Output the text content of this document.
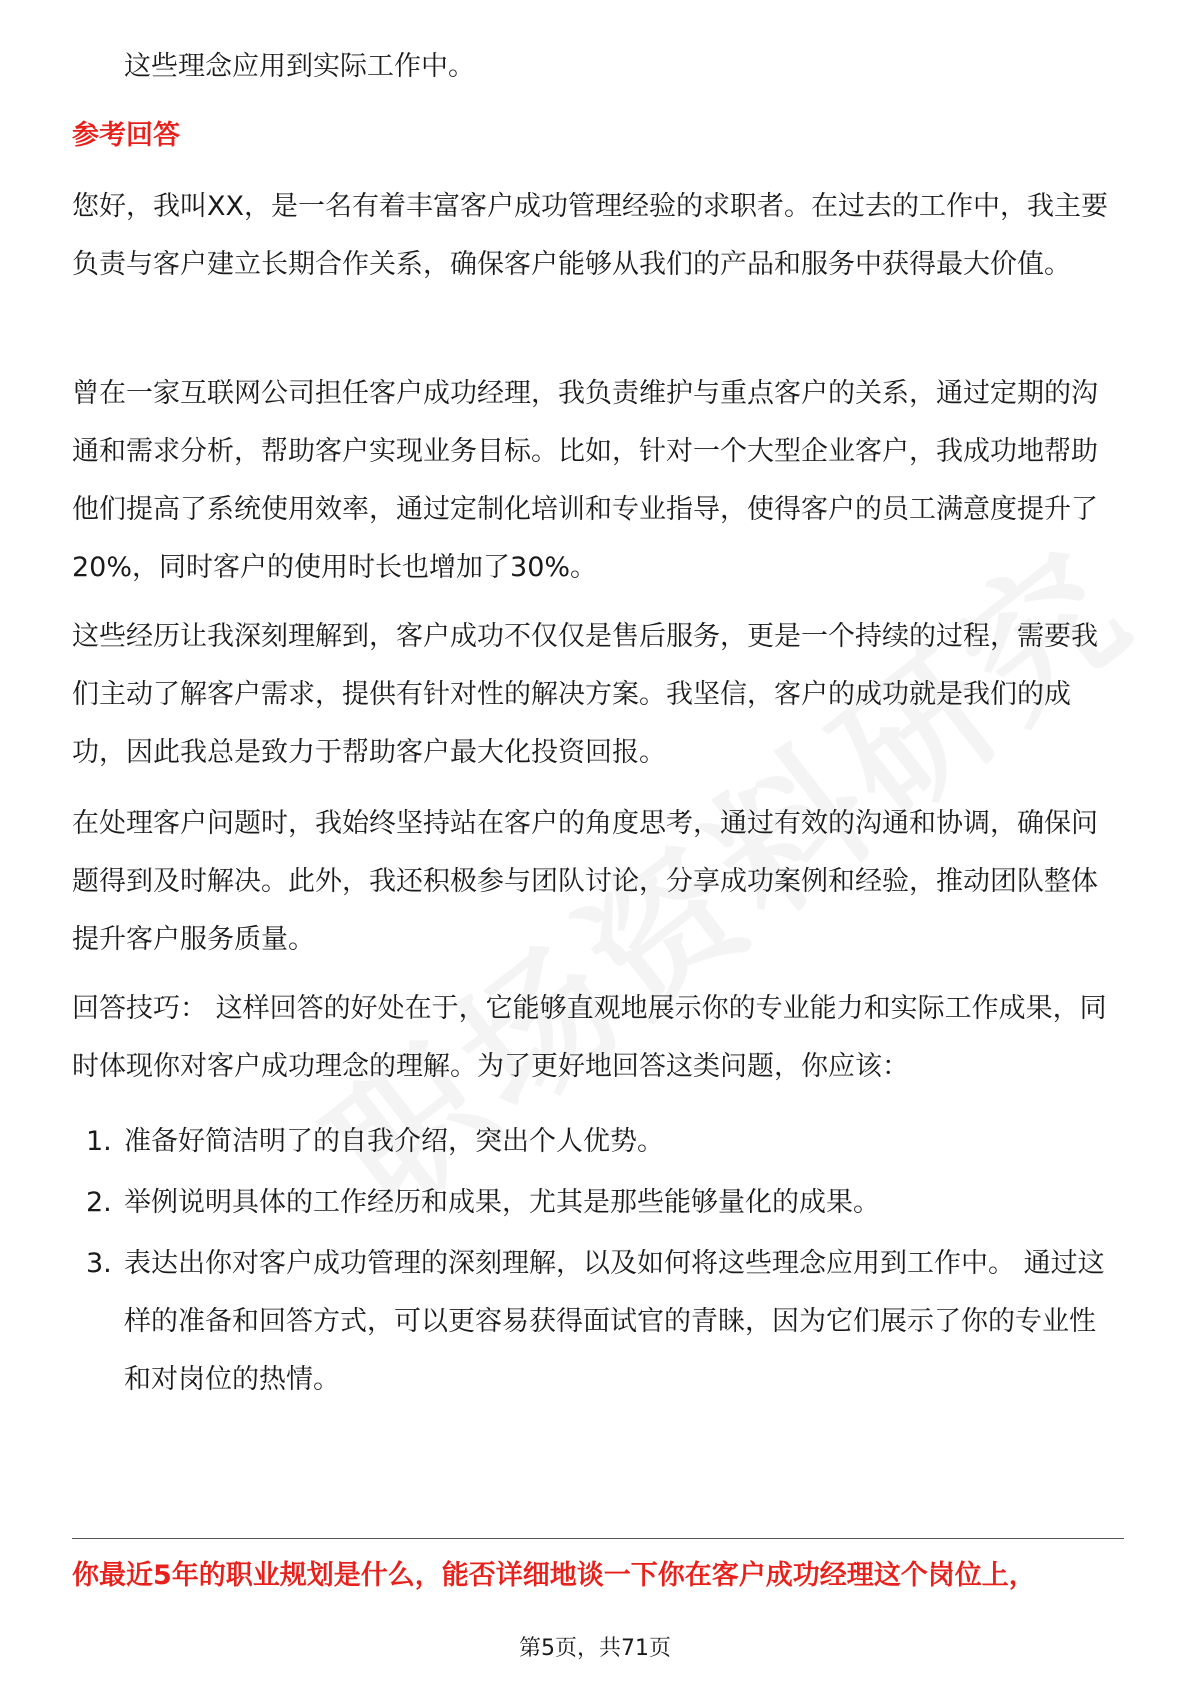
这些理念应用到实际工作中。

参考回答

您好，我叫XX，是一名有着丰富客户成功管理经验的求职者。在过去的工作中，我主要负责与客户建立长期合作关系，确保客户能够从我们的产品和服务中获得最大价值。

曾在一家互联网公司担任客户成功经理，我负责维护与重点客户的关系，通过定期的沟通和需求分析，帮助客户实现业务目标。比如，针对一个大型企业客户，我成功地帮助他们提高了系统使用效率，通过定制化培训和专业指导，使得客户的员工满意度提升了20%，同时客户的使用时长也增加了30%。

这些经历让我深刻理解到，客户成功不仅仅是售后服务，更是一个持续的过程，需要我们主动了解客户需求，提供有针对性的解决方案。我坚信，客户的成功就是我们的成功，因此我总是致力于帮助客户最大化投资回报。

在处理客户问题时，我始终坚持站在客户的角度思考，通过有效的沟通和协调，确保问题得到及时解决。此外，我还积极参与团队讨论，分享成功案例和经验，推动团队整体提升客户服务质量。

回答技巧： 这样回答的好处在于，它能够直观地展示你的专业能力和实际工作成果，同时体现你对客户成功理念的理解。为了更好地回答这类问题，你应该：

1. 准备好简洁明了的自我介绍，突出个人优势。
2. 举例说明具体的工作经历和成果，尤其是那些能够量化的成果。
3. 表达出你对客户成功管理的深刻理解，以及如何将这些理念应用到工作中。 通过这样的准备和回答方式，可以更容易获得面试官的青睐，因为它们展示了你的专业性和对岗位的热情。

你最近5年的职业规划是什么，能否详细地谈一下你在客户成功经理这个岗位上，

第5页，共71页
